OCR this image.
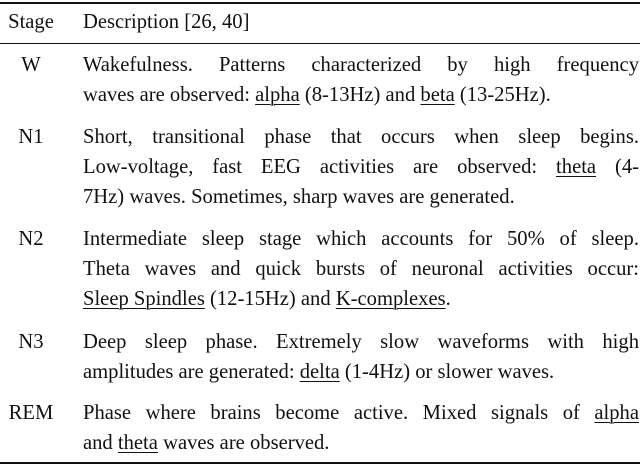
Stage	Description [26, 40]
W	Wakefulness. Patterns characterized by high frequency
waves are observed: alpha (8-13Hz) and beta (13-25Hz).
N1	Short, transitional phase that occurs when sleep begins.
Low-voltage, fast EEG activities are observed: theta (4-
7Hz) waves. Sometimes, sharp waves are generated.
N2	Intermediate sleep stage which accounts for 50% of sleep.
Theta waves and quick bursts of neuronal activities occur:
Sleep Spindles (12-15Hz) and K-complexes.
N3	Deep sleep phase. Extremely slow waveforms with high
amplitudes are generated: delta (1-4Hz) or slower waves.
REM	Phase where brains become active. Mixed signals of alpha
and theta waves are observed.
